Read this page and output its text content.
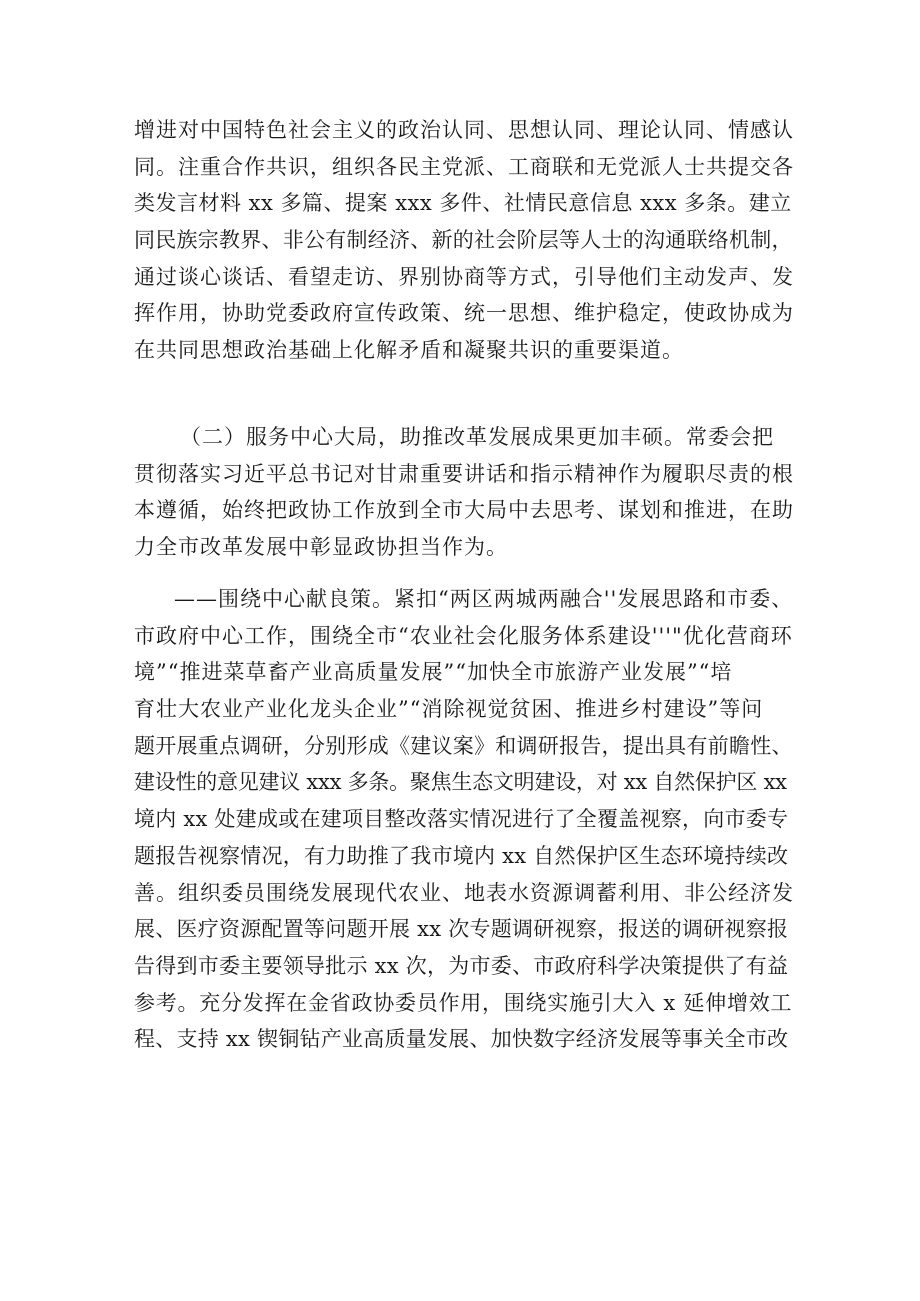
增进对中国特色社会主义的政治认同、思想认同、理论认同、情感认
同。注重合作共识，组织各民主党派、工商联和无党派人士共提交各
类发言材料 xx 多篇、提案 xxx 多件、社情民意信息 xxx 多条。建立
同民族宗教界、非公有制经济、新的社会阶层等人士的沟通联络机制，
通过谈心谈话、看望走访、界别协商等方式，引导他们主动发声、发
挥作用，协助党委政府宣传政策、统一思想、维护稳定，使政协成为
在共同思想政治基础上化解矛盾和凝聚共识的重要渠道。
（二）服务中心大局，助推改革发展成果更加丰硕。常委会把
贯彻落实习近平总书记对甘肃重要讲话和指示精神作为履职尽责的根
本遵循，始终把政协工作放到全市大局中去思考、谋划和推进，在助
力全市改革发展中彰显政协担当作为。
——围绕中心献良策。紧扣“两区两城两融合''发展思路和市委、
市政府中心工作，围绕全市“农业社会化服务体系建设'''"优化营商环
境”“推进菜草畜产业高质量发展”“加快全市旅游产业发展”“培
育壮大农业产业化龙头企业”“消除视觉贫困、推进乡村建设”等问
题开展重点调研，分别形成《建议案》和调研报告，提出具有前瞻性、
建设性的意见建议 xxx 多条。聚焦生态文明建设，对 xx 自然保护区 xx
境内 xx 处建成或在建项目整改落实情况进行了全覆盖视察，向市委专
题报告视察情况，有力助推了我市境内 xx 自然保护区生态环境持续改
善。组织委员围绕发展现代农业、地表水资源调蓄利用、非公经济发
展、医疗资源配置等问题开展 xx 次专题调研视察，报送的调研视察报
告得到市委主要领导批示 xx 次，为市委、市政府科学决策提供了有益
参考。充分发挥在金省政协委员作用，围绕实施引大入 x 延伸增效工
程、支持 xx 锲铜钻产业高质量发展、加快数字经济发展等事关全市改
